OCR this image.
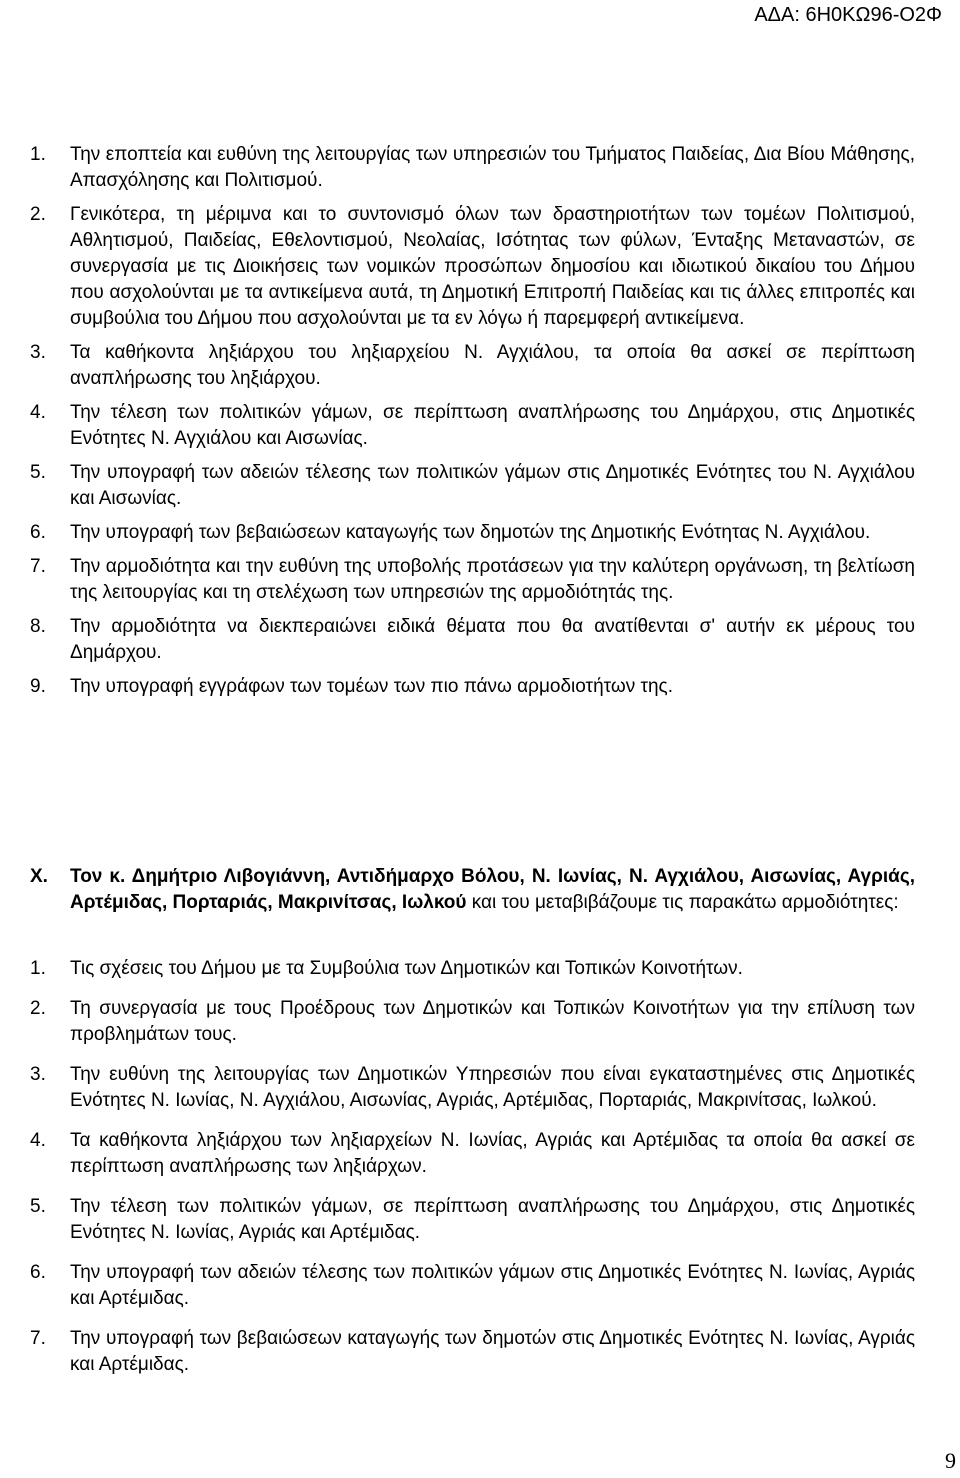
ΑΔΑ: 6Η0ΚΩ96-Ο2Φ
1.	Την εποπτεία και ευθύνη της λειτουργίας των υπηρεσιών του Τμήματος Παιδείας, Δια Βίου Μάθησης, Απασχόλησης και Πολιτισμού.
2.	Γενικότερα, τη μέριμνα και το συντονισμό όλων των δραστηριοτήτων των τομέων Πολιτισμού, Αθλητισμού, Παιδείας, Εθελοντισμού, Νεολαίας, Ισότητας των φύλων, Ένταξης Μεταναστών, σε συνεργασία με τις Διοικήσεις των νομικών προσώπων δημοσίου και ιδιωτικού δικαίου του Δήμου που ασχολούνται με τα αντικείμενα αυτά, τη Δημοτική Επιτροπή Παιδείας και τις άλλες επιτροπές και συμβούλια του Δήμου που ασχολούνται με τα εν λόγω ή παρεμφερή αντικείμενα.
3.	Τα καθήκοντα ληξιάρχου του ληξιαρχείου Ν. Αγχιάλου, τα οποία θα ασκεί σε περίπτωση αναπλήρωσης του ληξιάρχου.
4.	Την τέλεση των πολιτικών γάμων, σε περίπτωση αναπλήρωσης του Δημάρχου, στις Δημοτικές Ενότητες Ν. Αγχιάλου και Αισωνίας.
5.	Την υπογραφή των αδειών τέλεσης των πολιτικών γάμων στις Δημοτικές Ενότητες του Ν. Αγχιάλου και Αισωνίας.
6.	Την υπογραφή των βεβαιώσεων καταγωγής των δημοτών της Δημοτικής Ενότητας Ν. Αγχιάλου.
7.	Την αρμοδιότητα και την ευθύνη της υποβολής προτάσεων για την καλύτερη οργάνωση, τη βελτίωση της λειτουργίας και τη στελέχωση των υπηρεσιών της αρμοδιότητάς της.
8.	Την αρμοδιότητα να διεκπεραιώνει ειδικά θέματα που θα ανατίθενται σ' αυτήν εκ μέρους του Δημάρχου.
9.	Την υπογραφή εγγράφων των τομέων των πιο πάνω αρμοδιοτήτων της.
Χ.	Τον κ. Δημήτριο Λιβογιάννη, Αντιδήμαρχο Βόλου, Ν. Ιωνίας, Ν. Αγχιάλου, Αισωνίας, Αγριάς, Αρτέμιδας, Πορταριάς, Μακρινίτσας, Ιωλκού και του μεταβιβάζουμε τις παρακάτω αρμοδιότητες:
1.	Τις σχέσεις του Δήμου με τα Συμβούλια των Δημοτικών και Τοπικών Κοινοτήτων.
2.	Τη συνεργασία με τους Προέδρους των Δημοτικών και Τοπικών Κοινοτήτων για την επίλυση των προβλημάτων τους.
3.	Την ευθύνη της λειτουργίας των Δημοτικών Υπηρεσιών που είναι εγκαταστημένες στις Δημοτικές Ενότητες Ν. Ιωνίας, Ν. Αγχιάλου, Αισωνίας, Αγριάς, Αρτέμιδας, Πορταριάς, Μακρινίτσας, Ιωλκού.
4.	Τα καθήκοντα ληξιάρχου των ληξιαρχείων Ν. Ιωνίας, Αγριάς και Αρτέμιδας τα οποία θα ασκεί σε περίπτωση αναπλήρωσης των ληξιάρχων.
5.	Την τέλεση των πολιτικών γάμων, σε περίπτωση αναπλήρωσης του Δημάρχου, στις Δημοτικές Ενότητες Ν. Ιωνίας, Αγριάς και Αρτέμιδας.
6.	Την υπογραφή των αδειών τέλεσης των πολιτικών γάμων στις Δημοτικές Ενότητες Ν. Ιωνίας, Αγριάς και Αρτέμιδας.
7.	Την υπογραφή των βεβαιώσεων καταγωγής των δημοτών στις Δημοτικές Ενότητες Ν. Ιωνίας, Αγριάς και Αρτέμιδας.
9
